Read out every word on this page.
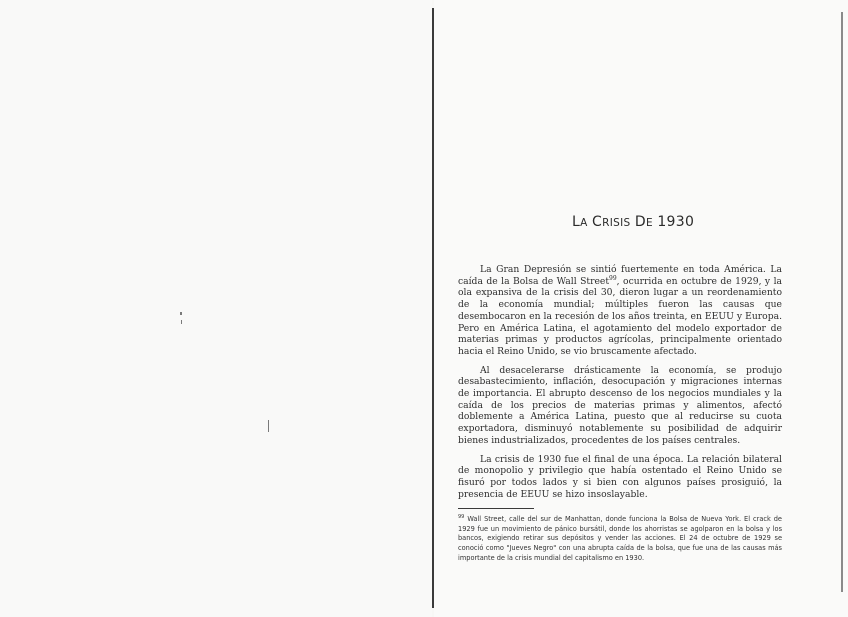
LA CRISIS DE 1930

La Gran Depresión se sintió fuertemente en toda América. La caída de la Bolsa de Wall Street$^{99}$, ocurrida en octubre de 1929, y la ola expansiva de la crisis del 30, dieron lugar a un reordenamiento de la economía mundial; múltiples fueron las causas que desembocaron en la recesión de los años treinta, en EEUU y Europa. Pero en América Latina, el agotamiento del modelo exportador de materias primas y productos agrícolas, principalmente orientado hacia el Reino Unido, se vio bruscamente afectado.

Al desacelerarse drásticamente la economía, se produjo desabastecimiento, inflación, desocupación y migraciones internas de importancia. El abrupto descenso de los negocios mundiales y la caída de los precios de materias primas y alimentos, afectó doblemente a América Latina, puesto que al reducirse su cuota exportadora, disminuyó notablemente su posibilidad de adquirir bienes industrializados, procedentes de los países centrales.

La crisis de 1930 fue el final de una época. La relación bilateral de monopolio y privilegio que había ostentado el Reino Unido se fisuró por todos lados y si bien con algunos países prosiguió, la presencia de EEUU se hizo insoslayable.

$^{99}$ Wall Street, calle del sur de Manhattan, donde funciona la Bolsa de Nueva York. El crack de 1929 fue un movimiento de pánico bursátil, donde los ahorristas se agolparon en la bolsa y los bancos, exigiendo retirar sus depósitos y vender las acciones. El 24 de octubre de 1929 se conoció como "Jueves Negro" con una abrupta caída de la bolsa, que fue una de las causas más importante de la crisis mundial del capitalismo en 1930.
